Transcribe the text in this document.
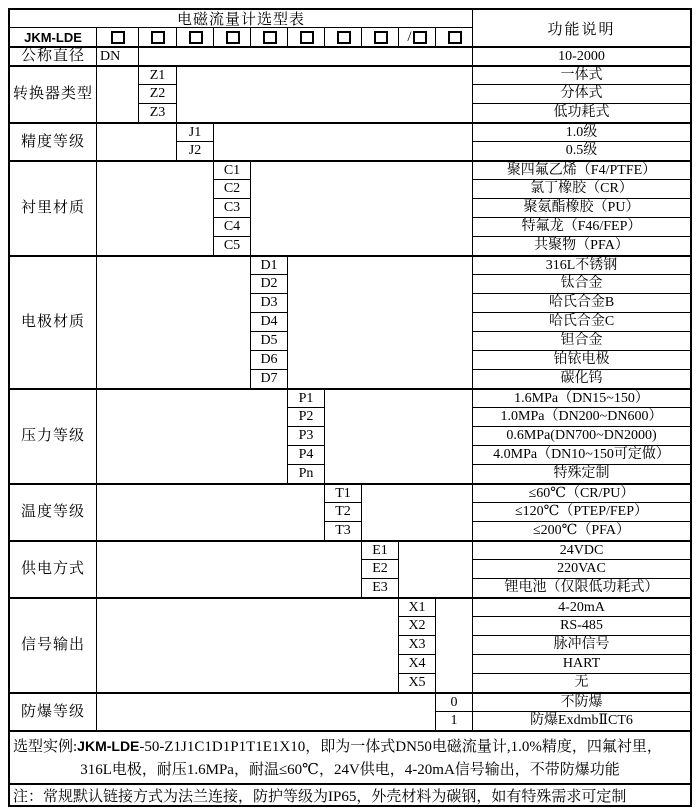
电磁流量计选型表
功能说明
JKM-LDE
选型实例:JKM-LDE-50-Z1J1C1D1P1T1E1X10，即为一体式DN50电磁流量计,1.0%精度，四氟衬里，
316L电极，耐压1.6MPa，耐温≤60℃，24V供电，4-20mA信号输出，不带防爆功能
注：常规默认链接方式为法兰连接，防护等级为IP65，外壳材料为碳钢，如有特殊需求可定制
/
公称直径	DN	10-2000
转换器类型
Z1	一体式
Z2	分体式
Z3	低功耗式
精度等级
J1	1.0级
J2	0.5级
衬里材质
C1	聚四氟乙烯（F4/PTFE）
C2	氯丁橡胶（CR）
C3	聚氨酯橡胶（PU）
C4	特氟龙（F46/FEP）
C5	共聚物（PFA）
电极材质
D1	316L不锈钢
D2	钛合金
D3	哈氏合金B
D4	哈氏合金C
D5	钽合金
D6	铂铱电极
D7	碳化钨
压力等级
P1	1.6MPa（DN15~150）
P2	1.0MPa（DN200~DN600）
P3	0.6MPa(DN700~DN2000)
P4	4.0MPa（DN10~150可定做）
Pn	特殊定制
温度等级
T1	≤60℃（CR/PU）
T2	≤120℃（PTEP/FEP）
T3	≤200℃（PFA）
供电方式
E1	24VDC
E2	220VAC
E3	锂电池（仅限低功耗式）
信号输出
X1	4-20mA
X2	RS-485
X3	脉冲信号
X4	HART
X5	无
防爆等级
0	不防爆
1	防爆ExdmbⅡCT6
